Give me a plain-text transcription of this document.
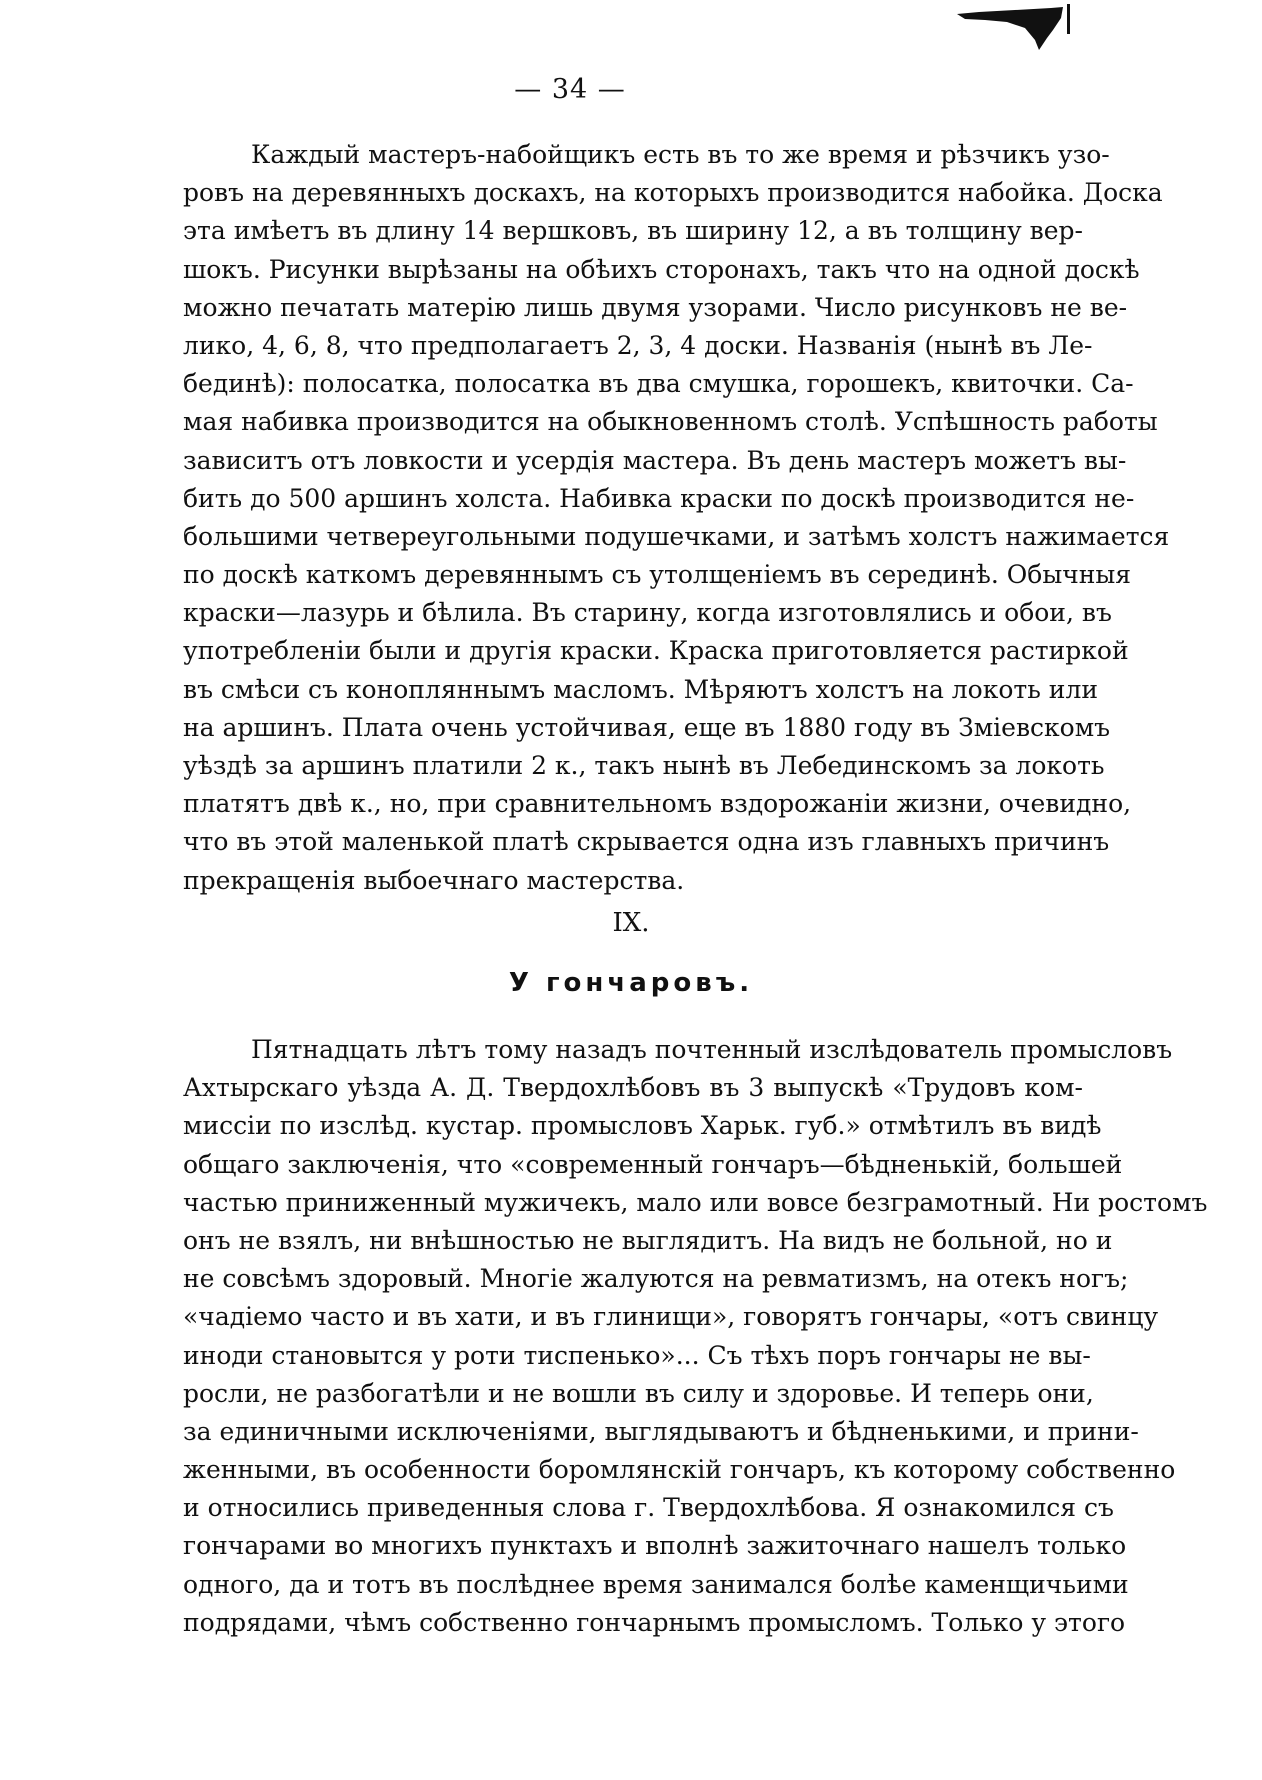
— 34 —
Каждый мастеръ-набойщикъ есть въ то же время и рѣзчикъ узо-
ровъ на деревянныхъ доскахъ, на которыхъ производится набойка. Доска
эта имѣетъ въ длину 14 вершковъ, въ ширину 12, а въ толщину вер-
шокъ. Рисунки вырѣзаны на обѣихъ сторонахъ, такъ что на одной доскѣ
можно печатать матерію лишь двумя узорами. Число рисунковъ не ве-
лико, 4, 6, 8, что предполагаетъ 2, 3, 4 доски. Названія (нынѣ въ Ле-
бединѣ): полосатка, полосатка въ два смушка, горошекъ, квиточки. Са-
мая набивка производится на обыкновенномъ столѣ. Успѣшность работы
зависитъ отъ ловкости и усердія мастера. Въ день мастеръ можетъ вы-
бить до 500 аршинъ холста. Набивка краски по доскѣ производится не-
большими четвереугольными подушечками, и затѣмъ холстъ нажимается
по доскѣ каткомъ деревяннымъ съ утолщеніемъ въ серединѣ. Обычныя
краски—лазурь и бѣлила. Въ старину, когда изготовлялись и обои, въ
употребленіи были и другія краски. Краска приготовляется растиркой
въ смѣси съ конопляннымъ масломъ. Мѣряютъ холстъ на локоть или
на аршинъ. Плата очень устойчивая, еще въ 1880 году въ Зміевскомъ
уѣздѣ за аршинъ платили 2 к., такъ нынѣ въ Лебединскомъ за локоть
платятъ двѣ к., но, при сравнительномъ вздорожаніи жизни, очевидно,
что въ этой маленькой платѣ скрывается одна изъ главныхъ причинъ
прекращенія выбоечнаго мастерства.
IX.
У гончаровъ.
Пятнадцать лѣтъ тому назадъ почтенный изслѣдователь промысловъ
Ахтырскаго уѣзда А. Д. Твердохлѣбовъ въ 3 выпускѣ «Трудовъ ком-
миссіи по изслѣд. кустар. промысловъ Харьк. губ.» отмѣтилъ въ видѣ
общаго заключенія, что «современный гончаръ—бѣдненькій, большей
частью приниженный мужичекъ, мало или вовсе безграмотный. Ни ростомъ
онъ не взялъ, ни внѣшностью не выглядитъ. На видъ не больной, но и
не совсѣмъ здоровый. Многіе жалуются на ревматизмъ, на отекъ ногъ;
«чадіемо часто и въ хати, и въ глинищи», говорятъ гончары, «отъ свинцу
иноди становытся у роти тиспенько»... Съ тѣхъ поръ гончары не вы-
росли, не разбогатѣли и не вошли въ силу и здоровье. И теперь они,
за единичными исключеніями, выглядываютъ и бѣдненькими, и прини-
женными, въ особенности боромлянскій гончаръ, къ которому собственно
и относились приведенныя слова г. Твердохлѣбова. Я ознакомился съ
гончарами во многихъ пунктахъ и вполнѣ зажиточнаго нашелъ только
одного, да и тотъ въ послѣднее время занимался болѣе каменщичьими
подрядами, чѣмъ собственно гончарнымъ промысломъ. Только у этого
